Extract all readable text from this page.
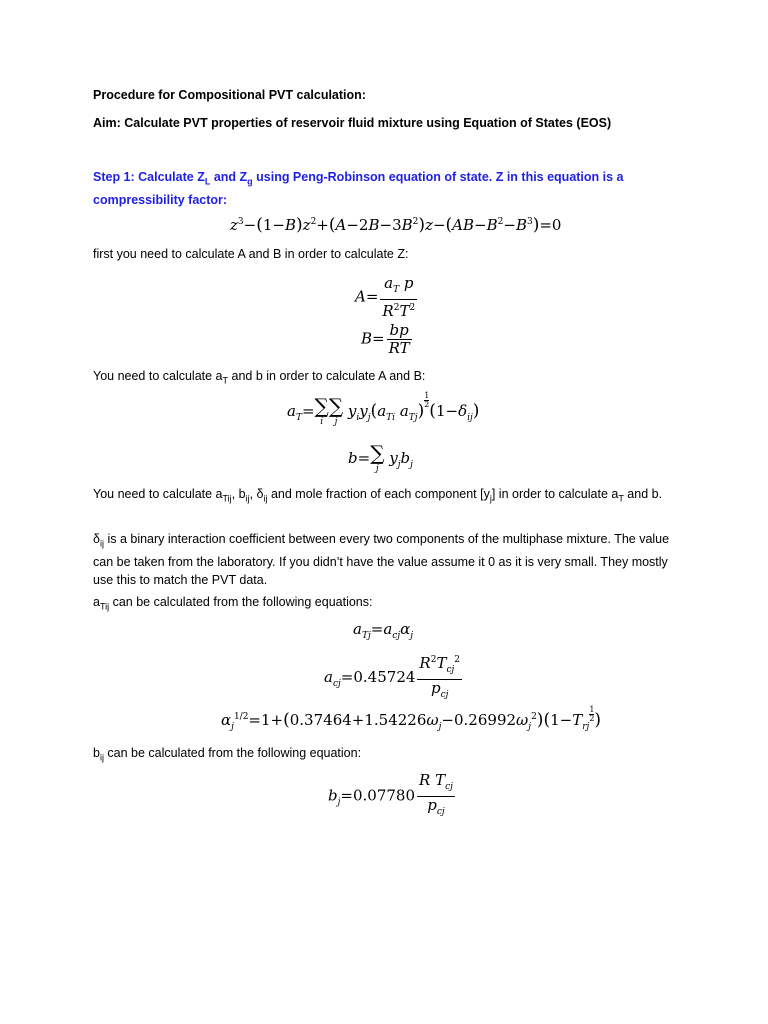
Procedure for Compositional PVT calculation:
Aim: Calculate PVT properties of reservoir fluid mixture using Equation of States (EOS)
Step 1: Calculate $Z_L$ and $Z_g$ using Peng-Robinson equation of state. Z in this equation is a compressibility factor:
$z^3-(1-B)z^2+(A-2B-3B^2)z-(AB-B^2-B^3)=0$
first you need to calculate A and B in order to calculate Z:
$A= \frac{a_T p}{R^2T^2}$
$B= \frac{bp}{RT}$
You need to calculate $a_T$ and b in order to calculate A and B:
$a_T=$ ∑
i
∑
j
$y_iy_j(a_{Ti}$ $a_{Tj}$)
$\frac{1}{2}$
$(1-\delta_{ij})$
b= ∑
j
$y_jb_j$
You need to calculate $a_{Tij}$, $b_{ij}$, $\delta_{ij}$ and mole fraction of each component $[y_j]$ in order to calculate $a_T$ and b.
$\delta_{ij}$ is a binary interaction coefficient between every two components of the multiphase mixture. The value can be taken from the laboratory. If you didn’t have the value assume it 0 as it is very small. They mostly use this to match the PVT data.
$a_{Tij}$ can be calculated from the following equations:
$a_{Tj}=a_{cj}\alpha_j$
$a_{cj}=0.45724 \frac{R^2T_{cj}^2}{p_{cj}}$
$\alpha_j^{1/2}=1+(0.37464+1.54226\omega_j-0.26992\omega_j^2)(1-T_{rj}$
$\frac{1}{2}$ )
$b_{ij}$ can be calculated from the following equation:
$b_j=0.07780 \frac{R T_{cj}}{p_{cj}}$
